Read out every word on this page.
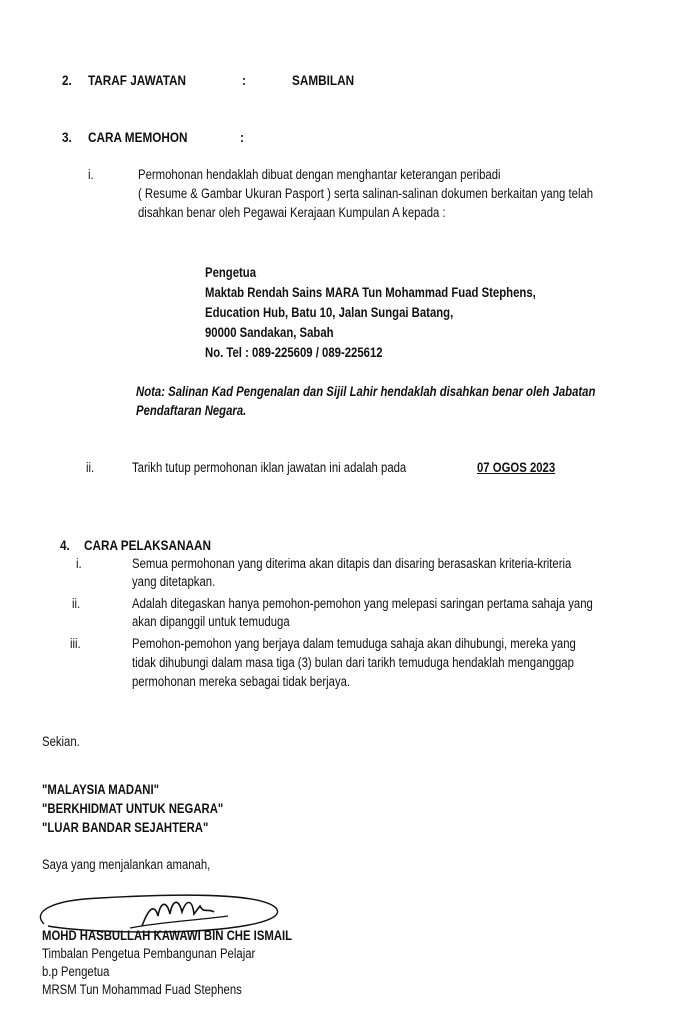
2. TARAF JAWATAN	:	SAMBILAN
3. CARA MEMOHON	:
i.	Permohonan hendaklah dibuat dengan menghantar keterangan peribadi
( Resume & Gambar Ukuran Pasport ) serta salinan-salinan dokumen berkaitan yang telah
disahkan benar oleh Pegawai Kerajaan Kumpulan A kepada :
Pengetua
Maktab Rendah Sains MARA Tun Mohammad Fuad Stephens,
Education Hub, Batu 10, Jalan Sungai Batang,
90000 Sandakan, Sabah
No. Tel : 089-225609 / 089-225612
Nota: Salinan Kad Pengenalan dan Sijil Lahir hendaklah disahkan benar oleh Jabatan
Pendaftaran Negara.
ii.	Tarikh tutup permohonan iklan jawatan ini adalah pada	07 OGOS 2023
4. CARA PELAKSANAAN
i.	Semua permohonan yang diterima akan ditapis dan disaring berasaskan kriteria-kriteria
yang ditetapkan.
ii.	Adalah ditegaskan hanya pemohon-pemohon yang melepasi saringan pertama sahaja yang
akan dipanggil untuk temuduga
iii.	Pemohon-pemohon yang berjaya dalam temuduga sahaja akan dihubungi, mereka yang
tidak dihubungi dalam masa tiga (3) bulan dari tarikh temuduga hendaklah menganggap
permohonan mereka sebagai tidak berjaya.
Sekian.
"MALAYSIA MADANI"
"BERKHIDMAT UNTUK NEGARA"
"LUAR BANDAR SEJAHTERA"
Saya yang menjalankan amanah,
MOHD HASBULLAH KAWAWI BIN CHE ISMAIL
Timbalan Pengetua Pembangunan Pelajar
b.p Pengetua
MRSM Tun Mohammad Fuad Stephens
